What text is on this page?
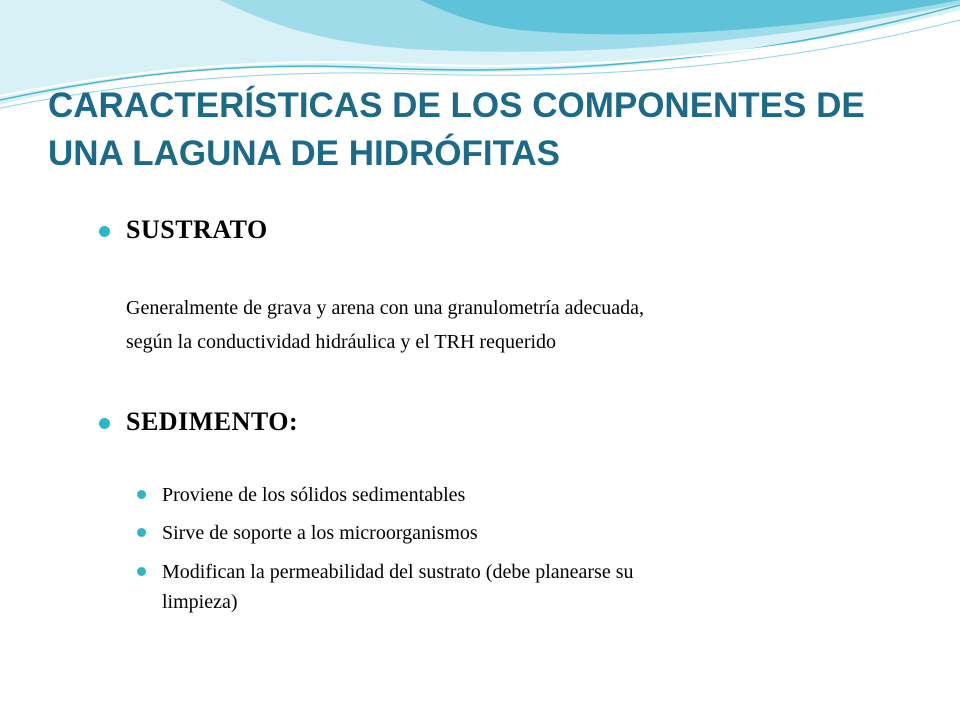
CARACTERÍSTICAS DE LOS COMPONENTES DE
UNA LAGUNA DE HIDRÓFITAS
SUSTRATO
Generalmente de grava y arena con una granulometría adecuada,
según la conductividad hidráulica y el TRH requerido
SEDIMENTO:
Proviene de los sólidos sedimentables
Sirve de soporte a los microorganismos
Modifican la permeabilidad del sustrato (debe planearse su
limpieza)
